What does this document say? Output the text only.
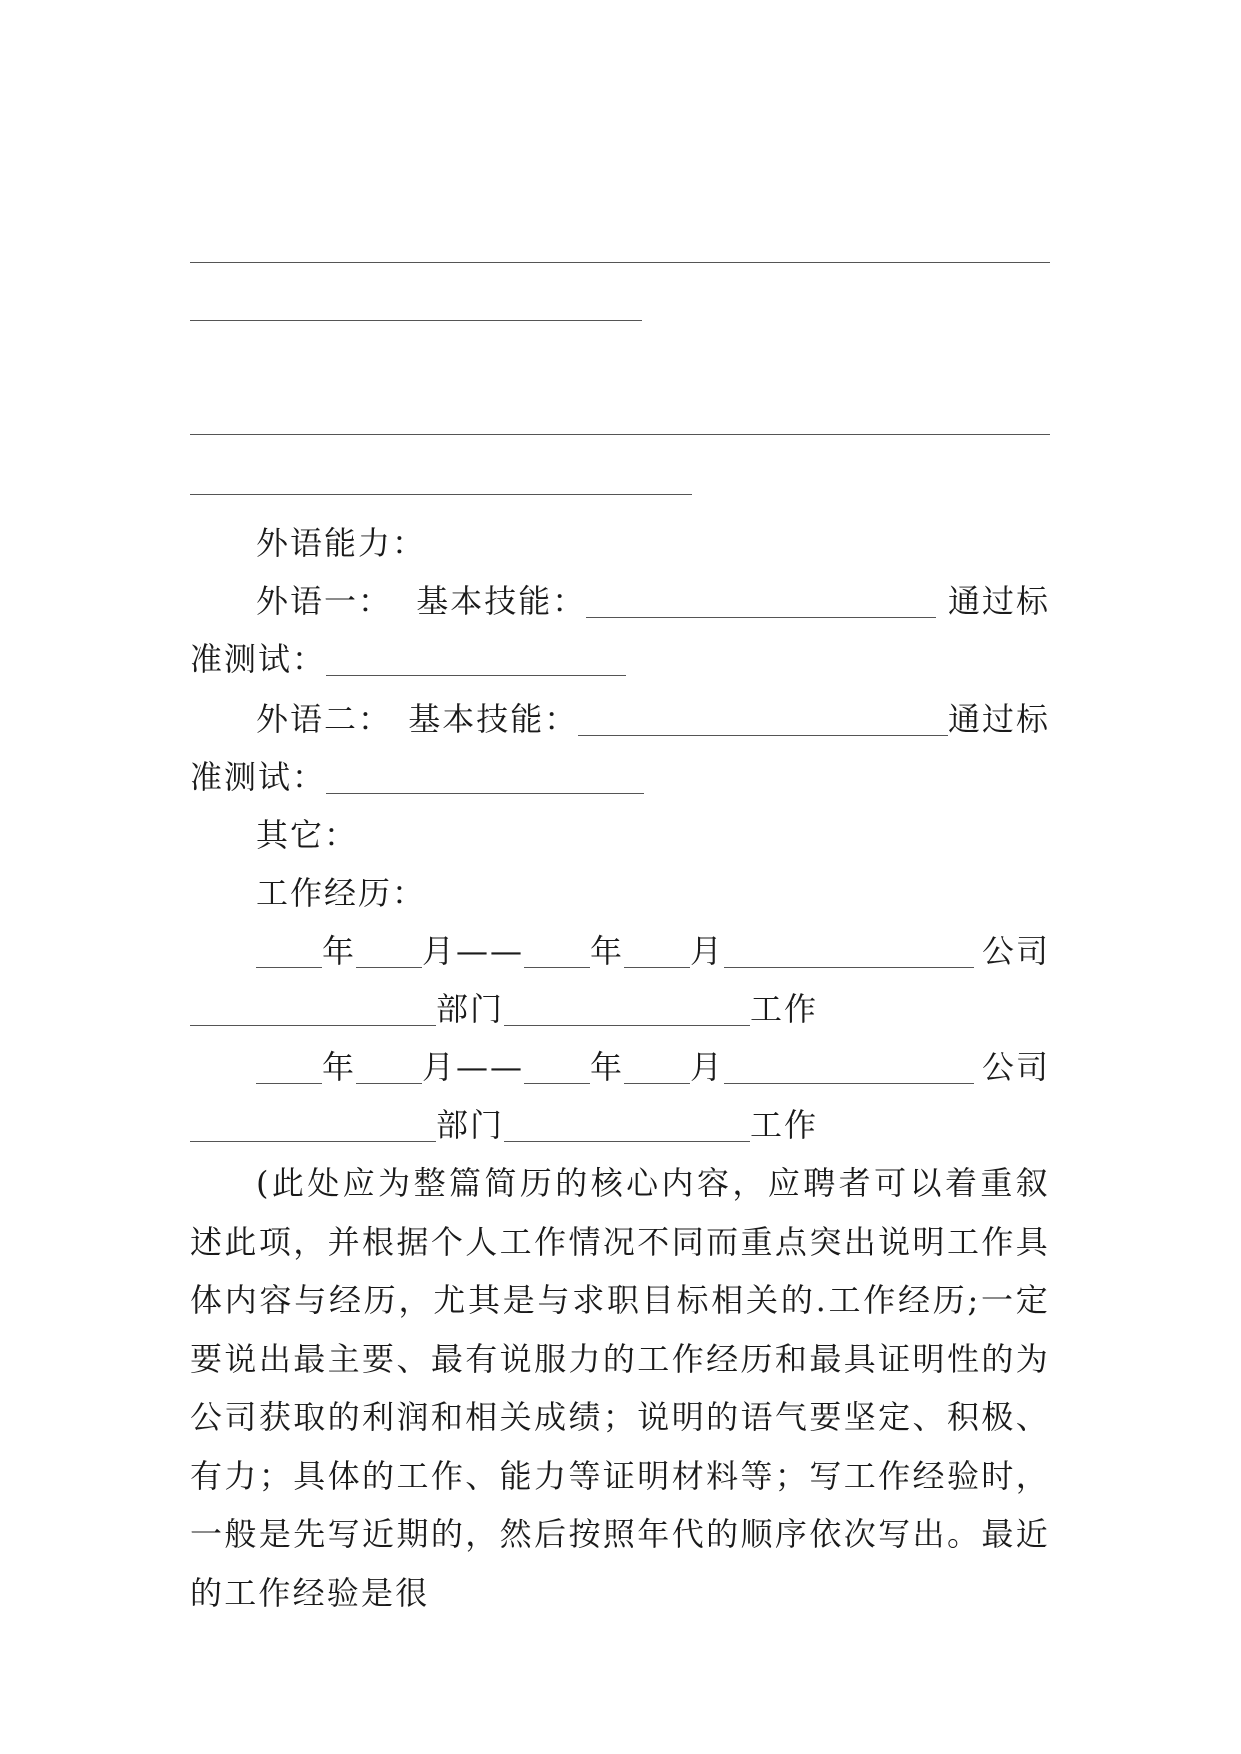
外语能力：
外语一： 基本技能：	通过标
准测试：
外语二： 基本技能：	通过标
准测试：
其它：
工作经历：
年 月—— 年 月	公司
部门	工作
年 月—— 年 月	公司
部门	工作
(此处应为整篇简历的核心内容，应聘者可以着重叙述此项，并根据个人工作情况不同而重点突出说明工作具体内容与经历，尤其是与求职目标相关的.工作经历;一定要说出最主要、最有说服力的工作经历和最具证明性的为公司获取的利润和相关成绩；说明的语气要坚定、积极、有力；具体的工作、能力等证明材料等；写工作经验时，一般是先写近期的，然后按照年代的顺序依次写出。最近的工作经验是很
